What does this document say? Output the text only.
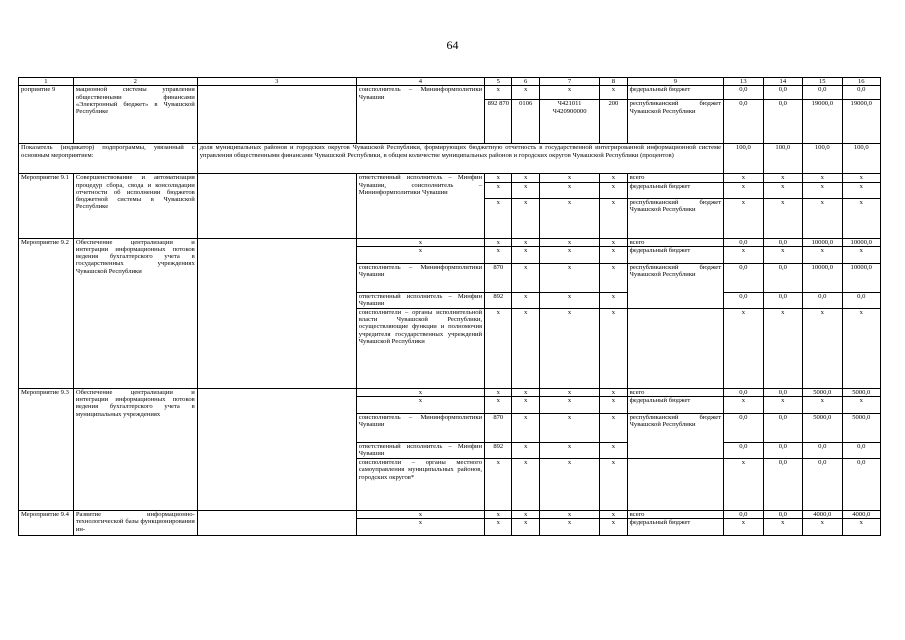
64
1	2	3	4	5	6	7	8	9	13	14	15	16
роприятие 9	мационной системы управления общественными финансами «Электронный бюджет» в Чувашской Республике		соисполнитель – Мининформполитики Чувашии	x	x	x	x	федеральный бюджет	0,0	0,0	0,0	0,0
				892 870	0106	Ч421011 Ч420900000	200	республиканский бюджет Чувашской Республики	0,0	0,0	19000,0	19000,0
Показатель (индикатор) подпрограммы, увязанный с основным мероприятием:		доля муниципальных районов и городских округов Чувашской Республики, формирующих бюджетную отчетность в государственной интегрированной информационной системе управления общественными финансами Чувашской Республики, в общем количестве муниципальных районов и городских округов Чувашской Республики (процентов)							100,0	100,0	100,0	100,0
Мероприятие 9.1	Совершенствование и автоматизация процедур сбора, свода и консолидации отчетности об исполнении бюджетов бюджетной системы в Чувашской Республике		ответственный исполнитель – Минфин Чувашии, соисполнитель – Мининформполитики Чувашии	x	x	x	x	всего	x	x	x	x
				x	x	x	x	федеральный бюджет	x	x	x	x
				x	x	x	x	республиканский бюджет Чувашской Республики	x	x	x	x
Мероприятие 9.2	Обеспечение централизации и интеграции информационных потоков ведения бухгалтерского учета в государственных учреждениях Чувашской Республики		x	x	x	x	x	всего	0,0	0,0	10000,0	10000,0
			x	x	x	x	x	федеральный бюджет	x	x	x	x
			соисполнитель – Мининформполитики Чувашии	870	x	x	x	республиканский бюджет Чувашской Республики	0,0	0,0	10000,0	10000,0
			ответственный исполнитель – Минфин Чувашии	892	x	x	x		0,0	0,0	0,0	0,0
			соисполнители – органы исполнительной власти Чувашской Республики, осуществляющие функции и полномочия учредителя государственных учреждений Чувашской Республики	x	x	x	x		x	x	x	x
Мероприятие 9.3	Обеспечение централизации и интеграции информационных потоков ведения бухгалтерского учета в муниципальных учреждениях		x	x	x	x	x	всего	0,0	0,0	5000,0	5000,0
			x	x	x	x	x	федеральный бюджет	x	x	x	x
			соисполнитель – Мининформполитики Чувашии	870	x	x	x	республиканский бюджет Чувашской Республики	0,0	0,0	5000,0	5000,0
			ответственный исполнитель – Минфин Чувашии	892	x	x	x		0,0	0,0	0,0	0,0
			соисполнители – органы местного самоуправления муниципальных районов, городских округов*	x	x	x	x		x	0,0	0,0	0,0
Мероприятие 9.4	Развитие информационно-технологической базы функционирования ин-		x	x	x	x	x	всего	0,0	0,0	4000,0	4000,0
			x	x	x	x	x	федеральный бюджет	x	x	x	x
